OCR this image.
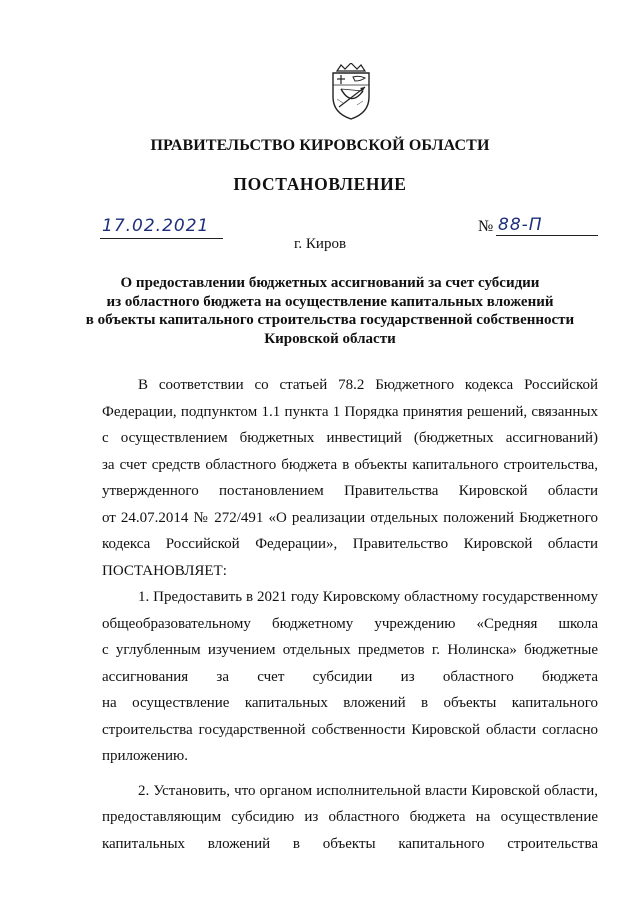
ПРАВИТЕЛЬСТВО КИРОВСКОЙ ОБЛАСТИ
ПОСТАНОВЛЕНИЕ
17.02.2021	№ 88-П
г. Киров
О предоставлении бюджетных ассигнований за счет субсидии
из областного бюджета на осуществление капитальных вложений
в объекты капитального строительства государственной собственности
Кировской области
В соответствии со статьей 78.2 Бюджетного кодекса Российской
Федерации, подпунктом 1.1 пункта 1 Порядка принятия решений, связанных
с осуществлением бюджетных инвестиций (бюджетных ассигнований)
за счет средств областного бюджета в объекты капитального строительства,
утвержденного постановлением Правительства Кировской области
от 24.07.2014 № 272/491 «О реализации отдельных положений Бюджетного
кодекса Российской Федерации», Правительство Кировской области
ПОСТАНОВЛЯЕТ:
1. Предоставить в 2021 году Кировскому областному государственному
общеобразовательному бюджетному учреждению «Средняя школа
с углубленным изучением отдельных предметов г. Нолинска» бюджетные
ассигнования за счет субсидии из областного бюджета
на осуществление капитальных вложений в объекты капитального
строительства государственной собственности Кировской области согласно
приложению.
2. Установить, что органом исполнительной власти Кировской области,
предоставляющим субсидию из областного бюджета на осуществление
капитальных вложений в объекты капитального строительства
